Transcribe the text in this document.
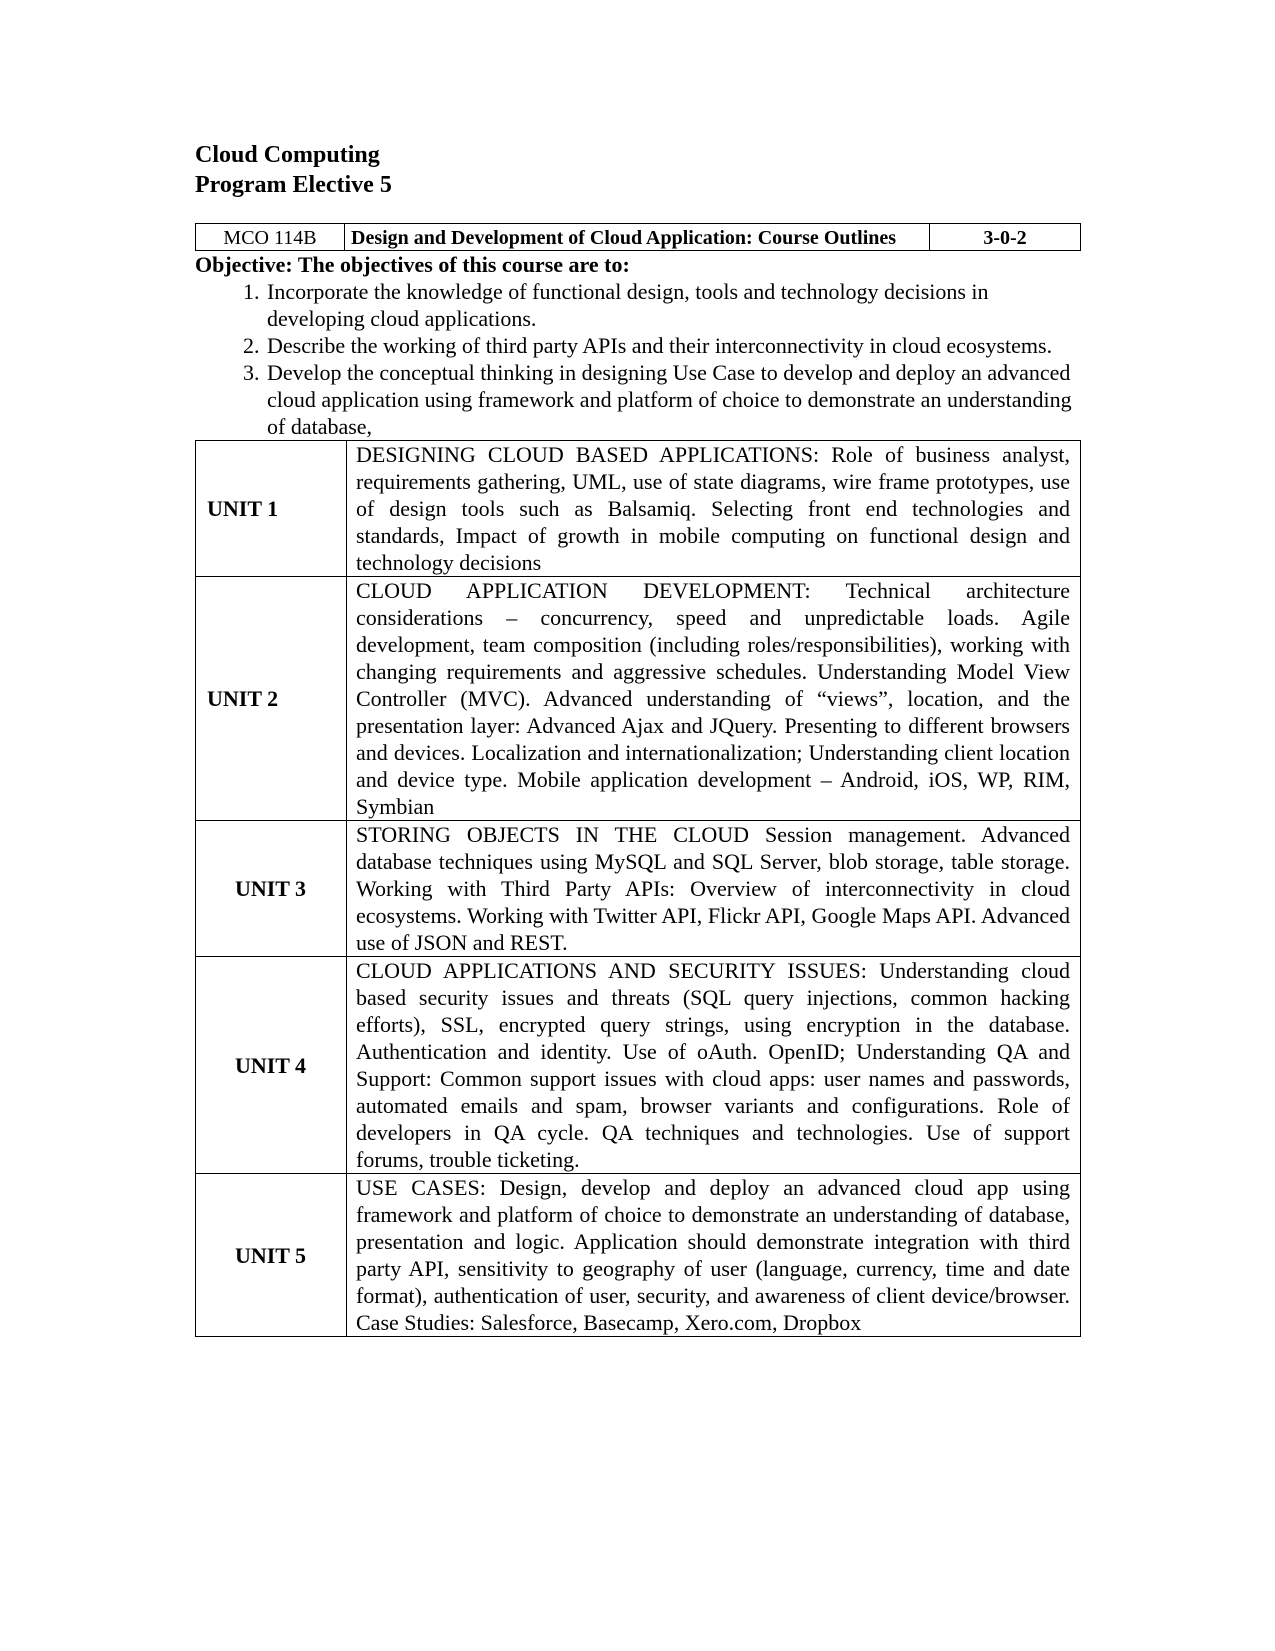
Cloud Computing
Program Elective 5
MCO 114B	Design and Development of Cloud Application: Course Outlines	3-0-2
Objective: The objectives of this course are to:
1. Incorporate the knowledge of functional design, tools and technology decisions in developing cloud applications.
2. Describe the working of third party APIs and their interconnectivity in cloud ecosystems.
3. Develop the conceptual thinking in designing Use Case to develop and deploy an advanced cloud application using framework and platform of choice to demonstrate an understanding of database,
UNIT 1	DESIGNING CLOUD BASED APPLICATIONS: Role of business analyst, requirements gathering, UML, use of state diagrams, wire frame prototypes, use of design tools such as Balsamiq. Selecting front end technologies and standards, Impact of growth in mobile computing on functional design and technology decisions
UNIT 2	CLOUD APPLICATION DEVELOPMENT: Technical architecture considerations – concurrency, speed and unpredictable loads. Agile development, team composition (including roles/responsibilities), working with changing requirements and aggressive schedules. Understanding Model View Controller (MVC). Advanced understanding of “views”, location, and the presentation layer: Advanced Ajax and JQuery. Presenting to different browsers and devices. Localization and internationalization; Understanding client location and device type. Mobile application development – Android, iOS, WP, RIM, Symbian
UNIT 3	STORING OBJECTS IN THE CLOUD Session management. Advanced database techniques using MySQL and SQL Server, blob storage, table storage. Working with Third Party APIs: Overview of interconnectivity in cloud ecosystems. Working with Twitter API, Flickr API, Google Maps API. Advanced use of JSON and REST.
UNIT 4	CLOUD APPLICATIONS AND SECURITY ISSUES: Understanding cloud based security issues and threats (SQL query injections, common hacking efforts), SSL, encrypted query strings, using encryption in the database. Authentication and identity. Use of oAuth. OpenID; Understanding QA and Support: Common support issues with cloud apps: user names and passwords, automated emails and spam, browser variants and configurations. Role of developers in QA cycle. QA techniques and technologies. Use of support forums, trouble ticketing.
UNIT 5	USE CASES: Design, develop and deploy an advanced cloud app using framework and platform of choice to demonstrate an understanding of database, presentation and logic. Application should demonstrate integration with third party API, sensitivity to geography of user (language, currency, time and date format), authentication of user, security, and awareness of client device/browser. Case Studies: Salesforce, Basecamp, Xero.com, Dropbox
